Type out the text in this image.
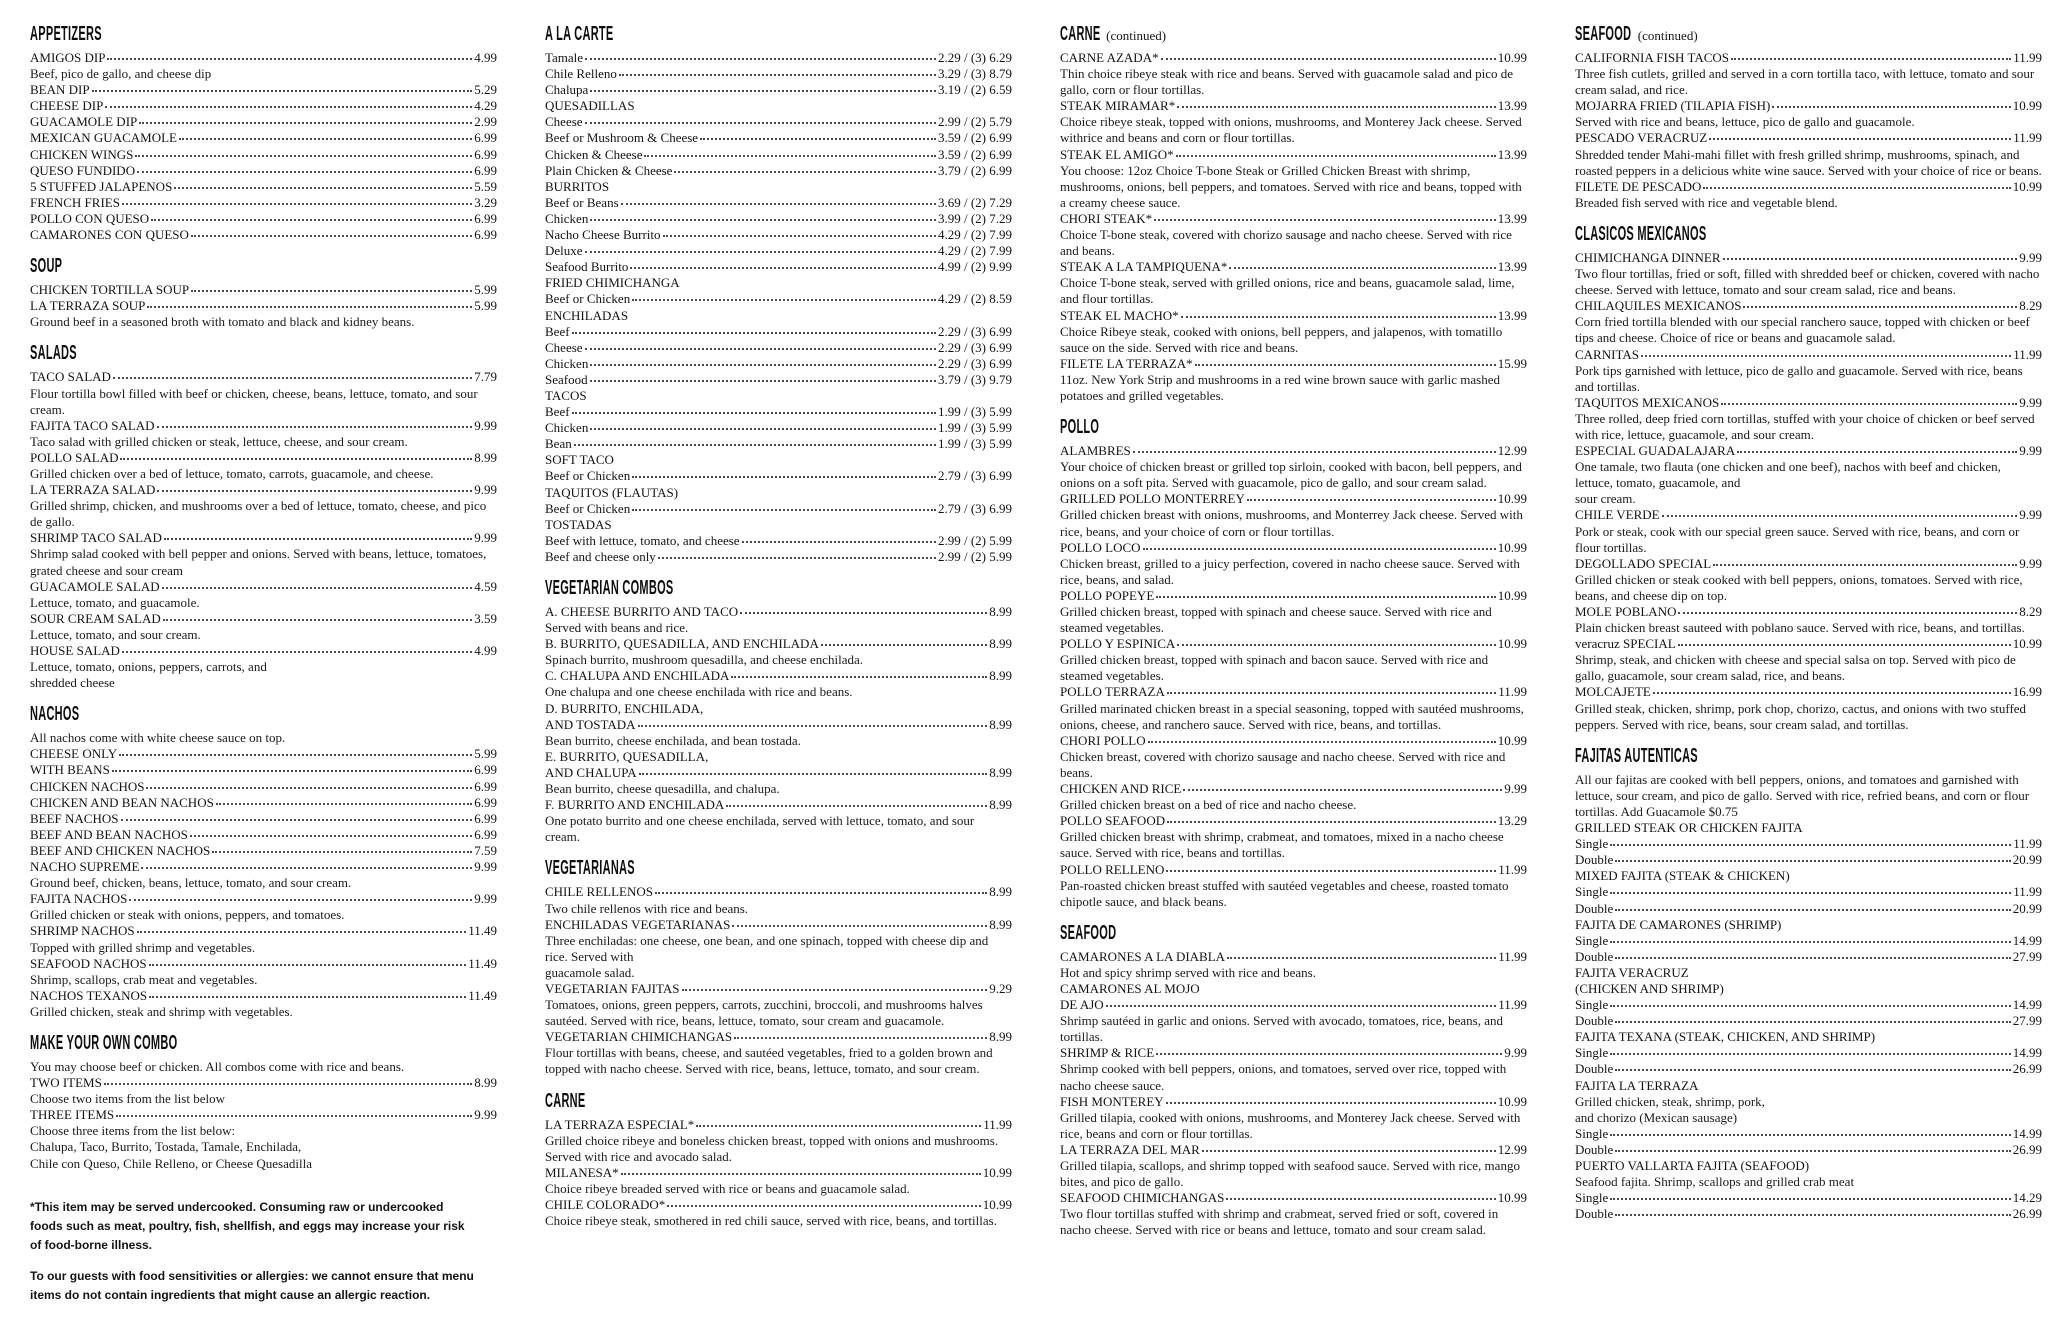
APPETIZERS
AMIGOS DIP	4.99
Beef, pico de gallo, and cheese dip
BEAN DIP	5.29
CHEESE DIP	4.29
GUACAMOLE DIP	2.99
MEXICAN GUACAMOLE	6.99
CHICKEN WINGS	6.99
QUESO FUNDIDO	6.99
5 STUFFED JALAPENOS	5.59
FRENCH FRIES	3.29
POLLO CON QUESO	6.99
CAMARONES CON QUESO	6.99
SOUP
CHICKEN TORTILLA SOUP	5.99
LA TERRAZA SOUP	5.99
Ground beef in a seasoned broth with tomato and black and kidney beans.
SALADS
TACO SALAD	7.79
Flour tortilla bowl filled with beef or chicken, cheese, beans, lettuce, tomato, and sour cream.
FAJITA TACO SALAD	9.99
Taco salad with grilled chicken or steak, lettuce, cheese, and sour cream.
POLLO SALAD	8.99
Grilled chicken over a bed of lettuce, tomato, carrots, guacamole, and cheese.
LA TERRAZA SALAD	9.99
Grilled shrimp, chicken, and mushrooms over a bed of lettuce, tomato, cheese, and pico de gallo.
SHRIMP TACO SALAD	9.99
Shrimp salad cooked with bell pepper and onions. Served with beans, lettuce, tomatoes, grated cheese and sour cream
GUACAMOLE SALAD	4.59
Lettuce, tomato, and guacamole.
SOUR CREAM SALAD	3.59
Lettuce, tomato, and sour cream.
HOUSE SALAD	4.99
Lettuce, tomato, onions, peppers, carrots, and
shredded cheese
NACHOS
All nachos come with white cheese sauce on top.
CHEESE ONLY	5.99
WITH BEANS	6.99
CHICKEN NACHOS	6.99
CHICKEN AND BEAN NACHOS	6.99
BEEF NACHOS	6.99
BEEF AND BEAN NACHOS	6.99
BEEF AND CHICKEN NACHOS	7.59
NACHO SUPREME	9.99
Ground beef, chicken, beans, lettuce, tomato, and sour cream.
FAJITA NACHOS	9.99
Grilled chicken or steak with onions, peppers, and tomatoes.
SHRIMP NACHOS	11.49
Topped with grilled shrimp and vegetables.
SEAFOOD NACHOS	11.49
Shrimp, scallops, crab meat and vegetables.
NACHOS TEXANOS	11.49
Grilled chicken, steak and shrimp with vegetables.
MAKE YOUR OWN COMBO
You may choose beef or chicken. All combos come with rice and beans.
TWO ITEMS	8.99
Choose two items from the list below
THREE ITEMS	9.99
Choose three items from the list below:
Chalupa, Taco, Burrito, Tostada, Tamale, Enchilada,
Chile con Queso, Chile Relleno, or Cheese Quesadilla

*This item may be served undercooked. Consuming raw or undercooked foods such as meat, poultry, fish, shellfish, and eggs may increase your risk of food-borne illness.

To our guests with food sensitivities or allergies: we cannot ensure that menu items do not contain ingredients that might cause an allergic reaction.

A LA CARTE
Tamale	2.29 / (3) 6.29
Chile Relleno	3.29 / (3) 8.79
Chalupa	3.19 / (2) 6.59
QUESADILLAS
Cheese	2.99 / (2) 5.79
Beef or Mushroom & Cheese	3.59 / (2) 6.99
Chicken & Cheese	3.59 / (2) 6.99
Plain Chicken & Cheese	3.79 / (2) 6.99
BURRITOS
Beef or Beans	3.69 / (2) 7.29
Chicken	3.99 / (2) 7.29
Nacho Cheese Burrito	4.29 / (2) 7.99
Deluxe	4.29 / (2) 7.99
Seafood Burrito	4.99 / (2) 9.99
FRIED CHIMICHANGA
Beef or Chicken	4.29 / (2) 8.59
ENCHILADAS
Beef	2.29 / (3) 6.99
Cheese	2.29 / (3) 6.99
Chicken	2.29 / (3) 6.99
Seafood	3.79 / (3) 9.79
TACOS
Beef	1.99 / (3) 5.99
Chicken	1.99 / (3) 5.99
Bean	1.99 / (3) 5.99
SOFT TACO
Beef or Chicken	2.79 / (3) 6.99
TAQUITOS (FLAUTAS)
Beef or Chicken	2.79 / (3) 6.99
TOSTADAS
Beef with lettuce, tomato, and cheese	2.99 / (2) 5.99
Beef and cheese only	2.99 / (2) 5.99
VEGETARIAN COMBOS
A. CHEESE BURRITO AND TACO	8.99
Served with beans and rice.
B. BURRITO, QUESADILLA, AND ENCHILADA	8.99
Spinach burrito, mushroom quesadilla, and cheese enchilada.
C. CHALUPA AND ENCHILADA	8.99
One chalupa and one cheese enchilada with rice and beans.
D. BURRITO, ENCHILADA,
AND TOSTADA	8.99
Bean burrito, cheese enchilada, and bean tostada.
E. BURRITO, QUESADILLA,
AND CHALUPA	8.99
Bean burrito, cheese quesadilla, and chalupa.
F. BURRITO AND ENCHILADA	8.99
One potato burrito and one cheese enchilada, served with lettuce, tomato, and sour cream.
VEGETARIANAS
CHILE RELLENOS	8.99
Two chile rellenos with rice and beans.
ENCHILADAS VEGETARIANAS	8.99
Three enchiladas: one cheese, one bean, and one spinach, topped with cheese dip and rice. Served with
guacamole salad.
VEGETARIAN FAJITAS	9.29
Tomatoes, onions, green peppers, carrots, zucchini, broccoli, and mushrooms halves sautéed. Served with rice, beans, lettuce, tomato, sour cream and guacamole.
VEGETARIAN CHIMICHANGAS	8.99
Flour tortillas with beans, cheese, and sautéed vegetables, fried to a golden brown and topped with nacho cheese. Served with rice, beans, lettuce, tomato, and sour cream.
CARNE
LA TERRAZA ESPECIAL*	11.99
Grilled choice ribeye and boneless chicken breast, topped with onions and mushrooms. Served with rice and avocado salad.
MILANESA*	10.99
Choice ribeye breaded served with rice or beans and guacamole salad.
CHILE COLORADO*	10.99
Choice ribeye steak, smothered in red chili sauce, served with rice, beans, and tortillas.
CARNE (continued)
CARNE AZADA*	10.99
Thin choice ribeye steak with rice and beans. Served with guacamole salad and pico de gallo, corn or flour tortillas.
STEAK MIRAMAR*	13.99
Choice ribeye steak, topped with onions, mushrooms, and Monterey Jack cheese. Served withrice and beans and corn or flour tortillas.
STEAK EL AMIGO*	13.99
You choose: 12oz Choice T-bone Steak or Grilled Chicken Breast with shrimp, mushrooms, onions, bell peppers, and tomatoes. Served with rice and beans, topped with a creamy cheese sauce.
CHORI STEAK*	13.99
Choice T-bone steak, covered with chorizo sausage and nacho cheese. Served with rice and beans.
STEAK A LA TAMPIQUENA*	13.99
Choice T-bone steak, served with grilled onions, rice and beans, guacamole salad, lime, and flour tortillas.
STEAK EL MACHO*	13.99
Choice Ribeye steak, cooked with onions, bell peppers, and jalapenos, with tomatillo sauce on the side. Served with rice and beans.
FILETE LA TERRAZA*	15.99
11oz. New York Strip and mushrooms in a red wine brown sauce with garlic mashed potatoes and grilled vegetables.
POLLO
ALAMBRES	12.99
Your choice of chicken breast or grilled top sirloin, cooked with bacon, bell peppers, and onions on a soft pita. Served with guacamole, pico de gallo, and sour cream salad.
GRILLED POLLO MONTERREY	10.99
Grilled chicken breast with onions, mushrooms, and Monterrey Jack cheese. Served with rice, beans, and your choice of corn or flour tortillas.
POLLO LOCO	10.99
Chicken breast, grilled to a juicy perfection, covered in nacho cheese sauce. Served with rice, beans, and salad.
POLLO POPEYE	10.99
Grilled chicken breast, topped with spinach and cheese sauce. Served with rice and steamed vegetables.
POLLO Y ESPINICA	10.99
Grilled chicken breast, topped with spinach and bacon sauce. Served with rice and steamed vegetables.
POLLO TERRAZA	11.99
Grilled marinated chicken breast in a special seasoning, topped with sautéed mushrooms, onions, cheese, and ranchero sauce. Served with rice, beans, and tortillas.
CHORI POLLO	10.99
Chicken breast, covered with chorizo sausage and nacho cheese. Served with rice and beans.
CHICKEN AND RICE	9.99
Grilled chicken breast on a bed of rice and nacho cheese.
POLLO SEAFOOD	13.29
Grilled chicken breast with shrimp, crabmeat, and tomatoes, mixed in a nacho cheese sauce. Served with rice, beans and tortillas.
POLLO RELLENO	11.99
Pan-roasted chicken breast stuffed with sautéed vegetables and cheese, roasted tomato chipotle sauce, and black beans.
SEAFOOD
CAMARONES A LA DIABLA	11.99
Hot and spicy shrimp served with rice and beans.
CAMARONES AL MOJO
DE AJO	11.99
Shrimp sautéed in garlic and onions. Served with avocado, tomatoes, rice, beans, and tortillas.
SHRIMP & RICE	9.99
Shrimp cooked with bell peppers, onions, and tomatoes, served over rice, topped with nacho cheese sauce.
FISH MONTEREY	10.99
Grilled tilapia, cooked with onions, mushrooms, and Monterey Jack cheese. Served with rice, beans and corn or flour tortillas.
LA TERRAZA DEL MAR	12.99
Grilled tilapia, scallops, and shrimp topped with seafood sauce. Served with rice, mango bites, and pico de gallo.
SEAFOOD CHIMICHANGAS	10.99
Two flour tortillas stuffed with shrimp and crabmeat, served fried or soft, covered in nacho cheese. Served with rice or beans and lettuce, tomato and sour cream salad.
SEAFOOD (continued)
CALIFORNIA FISH TACOS	11.99
Three fish cutlets, grilled and served in a corn tortilla taco, with lettuce, tomato and sour cream salad, and rice.
MOJARRA FRIED (TILAPIA FISH)	10.99
Served with rice and beans, lettuce, pico de gallo and guacamole.
PESCADO VERACRUZ	11.99
Shredded tender Mahi-mahi fillet with fresh grilled shrimp, mushrooms, spinach, and roasted peppers in a delicious white wine sauce. Served with your choice of rice or beans.
FILETE DE PESCADO	10.99
Breaded fish served with rice and vegetable blend.
CLASICOS MEXICANOS
CHIMICHANGA DINNER	9.99
Two flour tortillas, fried or soft, filled with shredded beef or chicken, covered with nacho cheese. Served with lettuce, tomato and sour cream salad, rice and beans.
CHILAQUILES MEXICANOS	8.29
Corn fried tortilla blended with our special ranchero sauce, topped with chicken or beef tips and cheese. Choice of rice or beans and guacamole salad.
CARNITAS	11.99
Pork tips garnished with lettuce, pico de gallo and guacamole. Served with rice, beans and tortillas.
TAQUITOS MEXICANOS	9.99
Three rolled, deep fried corn tortillas, stuffed with your choice of chicken or beef served with rice, lettuce, guacamole, and sour cream.
ESPECIAL GUADALAJARA	9.99
One tamale, two flauta (one chicken and one beef), nachos with beef and chicken, lettuce, tomato, guacamole, and
sour cream.
CHILE VERDE	9.99
Pork or steak, cook with our special green sauce. Served with rice, beans, and corn or flour tortillas.
DEGOLLADO SPECIAL	9.99
Grilled chicken or steak cooked with bell peppers, onions, tomatoes. Served with rice, beans, and cheese dip on top.
MOLE POBLANO	8.29
Plain chicken breast sauteed with poblano sauce. Served with rice, beans, and tortillas.
veracruz SPECIAL	10.99
Shrimp, steak, and chicken with cheese and special salsa on top. Served with pico de gallo, guacamole, sour cream salad, rice, and beans.
MOLCAJETE	16.99
Grilled steak, chicken, shrimp, pork chop, chorizo, cactus, and onions with two stuffed peppers. Served with rice, beans, sour cream salad, and tortillas.
FAJITAS AUTENTICAS
All our fajitas are cooked with bell peppers, onions, and tomatoes and garnished with lettuce, sour cream, and pico de gallo. Served with rice, refried beans, and corn or flour tortillas. Add Guacamole $0.75
GRILLED STEAK OR CHICKEN FAJITA
Single	11.99
Double	20.99
MIXED FAJITA (STEAK & CHICKEN)
Single	11.99
Double	20.99
FAJITA DE CAMARONES (SHRIMP)
Single	14.99
Double	27.99
FAJITA VERACRUZ
(CHICKEN AND SHRIMP)
Single	14.99
Double	27.99
FAJITA TEXANA (STEAK, CHICKEN, AND SHRIMP)
Single	14.99
Double	26.99
FAJITA LA TERRAZA
Grilled chicken, steak, shrimp, pork,
and chorizo (Mexican sausage)
Single	14.99
Double	26.99
PUERTO VALLARTA FAJITA (SEAFOOD)
Seafood fajita. Shrimp, scallops and grilled crab meat
Single	14.29
Double	26.99
